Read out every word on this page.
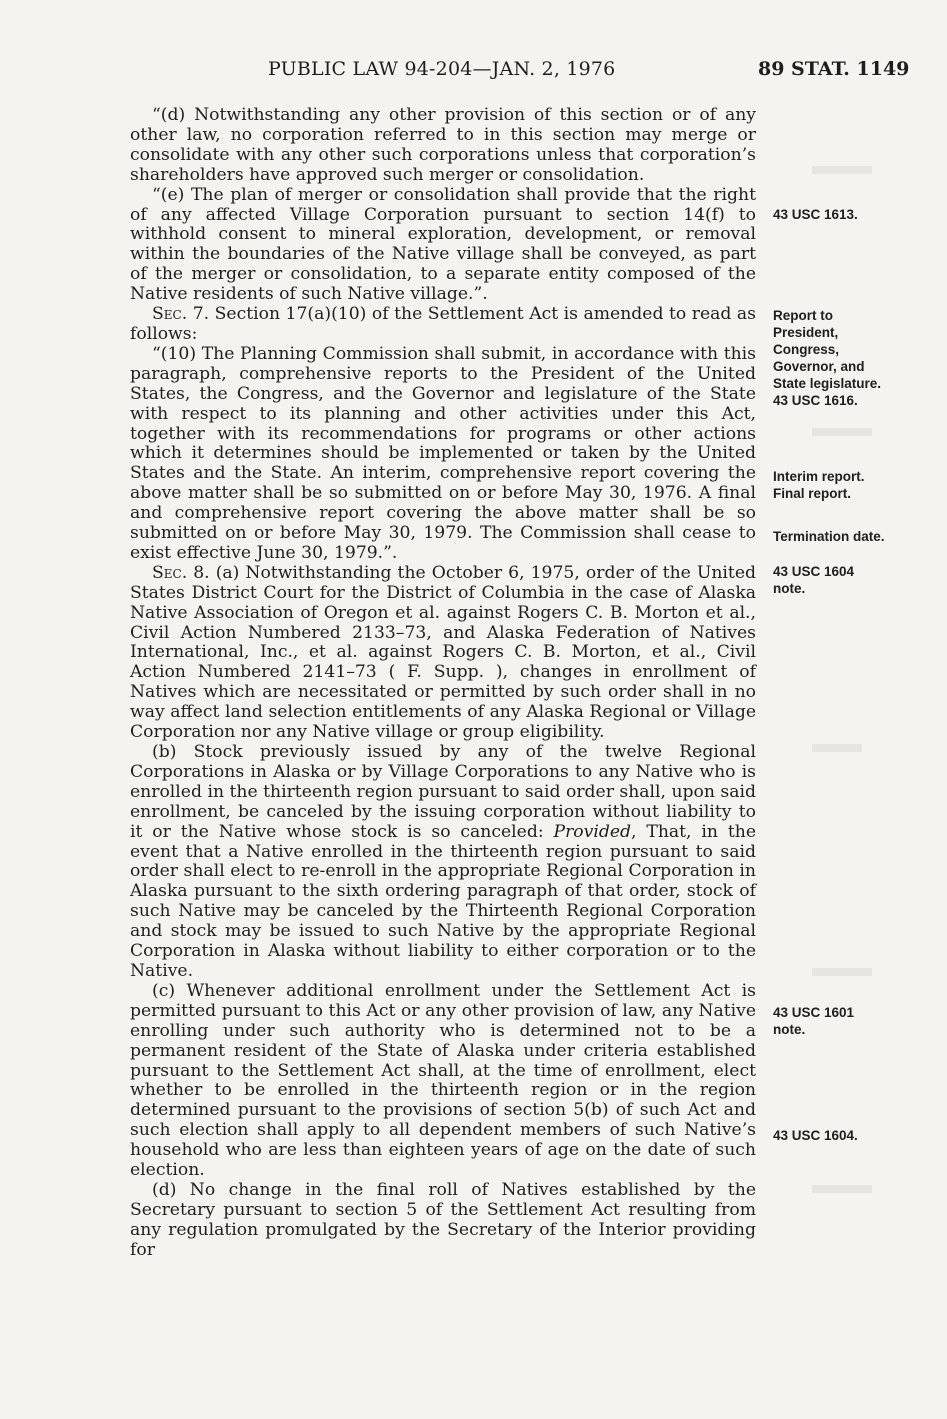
PUBLIC LAW 94-204—JAN. 2, 1976	89 STAT. 1149

“(d) Notwithstanding any other provision of this section or of any other law, no corporation referred to in this section may merge or consolidate with any other such corporations unless that corporation’s shareholders have approved such merger or consolidation.

“(e) The plan of merger or consolidation shall provide that the right of any affected Village Corporation pursuant to section 14(f) to withhold consent to mineral exploration, development, or removal within the boundaries of the Native village shall be conveyed, as part of the merger or consolidation, to a separate entity composed of the Native residents of such Native village.”.

Sec. 7. Section 17(a)(10) of the Settlement Act is amended to read as follows:

“(10) The Planning Commission shall submit, in accordance with this paragraph, comprehensive reports to the President of the United States, the Congress, and the Governor and legislature of the State with respect to its planning and other activities under this Act, together with its recommendations for programs or other actions which it determines should be implemented or taken by the United States and the State. An interim, comprehensive report covering the above matter shall be so submitted on or before May 30, 1976. A final and comprehensive report covering the above matter shall be so submitted on or before May 30, 1979. The Commission shall cease to exist effective June 30, 1979.”.

Sec. 8. (a) Notwithstanding the October 6, 1975, order of the United States District Court for the District of Columbia in the case of Alaska Native Association of Oregon et al. against Rogers C. B. Morton et al., Civil Action Numbered 2133–73, and Alaska Federation of Natives International, Inc., et al. against Rogers C. B. Morton, et al., Civil Action Numbered 2141–73 ( F. Supp. ), changes in enrollment of Natives which are necessitated or permitted by such order shall in no way affect land selection entitlements of any Alaska Regional or Village Corporation nor any Native village or group eligibility.

(b) Stock previously issued by any of the twelve Regional Corporations in Alaska or by Village Corporations to any Native who is enrolled in the thirteenth region pursuant to said order shall, upon said enrollment, be canceled by the issuing corporation without liability to it or the Native whose stock is so canceled: Provided, That, in the event that a Native enrolled in the thirteenth region pursuant to said order shall elect to re-enroll in the appropriate Regional Corporation in Alaska pursuant to the sixth ordering paragraph of that order, stock of such Native may be canceled by the Thirteenth Regional Corporation and stock may be issued to such Native by the appropriate Regional Corporation in Alaska without liability to either corporation or to the Native.

(c) Whenever additional enrollment under the Settlement Act is permitted pursuant to this Act or any other provision of law, any Native enrolling under such authority who is determined not to be a permanent resident of the State of Alaska under criteria established pursuant to the Settlement Act shall, at the time of enrollment, elect whether to be enrolled in the thirteenth region or in the region determined pursuant to the provisions of section 5(b) of such Act and such election shall apply to all dependent members of such Native’s household who are less than eighteen years of age on the date of such election.

(d) No change in the final roll of Natives established by the Secretary pursuant to section 5 of the Settlement Act resulting from any regulation promulgated by the Secretary of the Interior providing for

43 USC 1613.
Report to
President,
Congress,
Governor, and
State legislature.
43 USC 1616.
Interim report.
Final report.
Termination date.
43 USC 1604
note.
43 USC 1601
note.
43 USC 1604.
